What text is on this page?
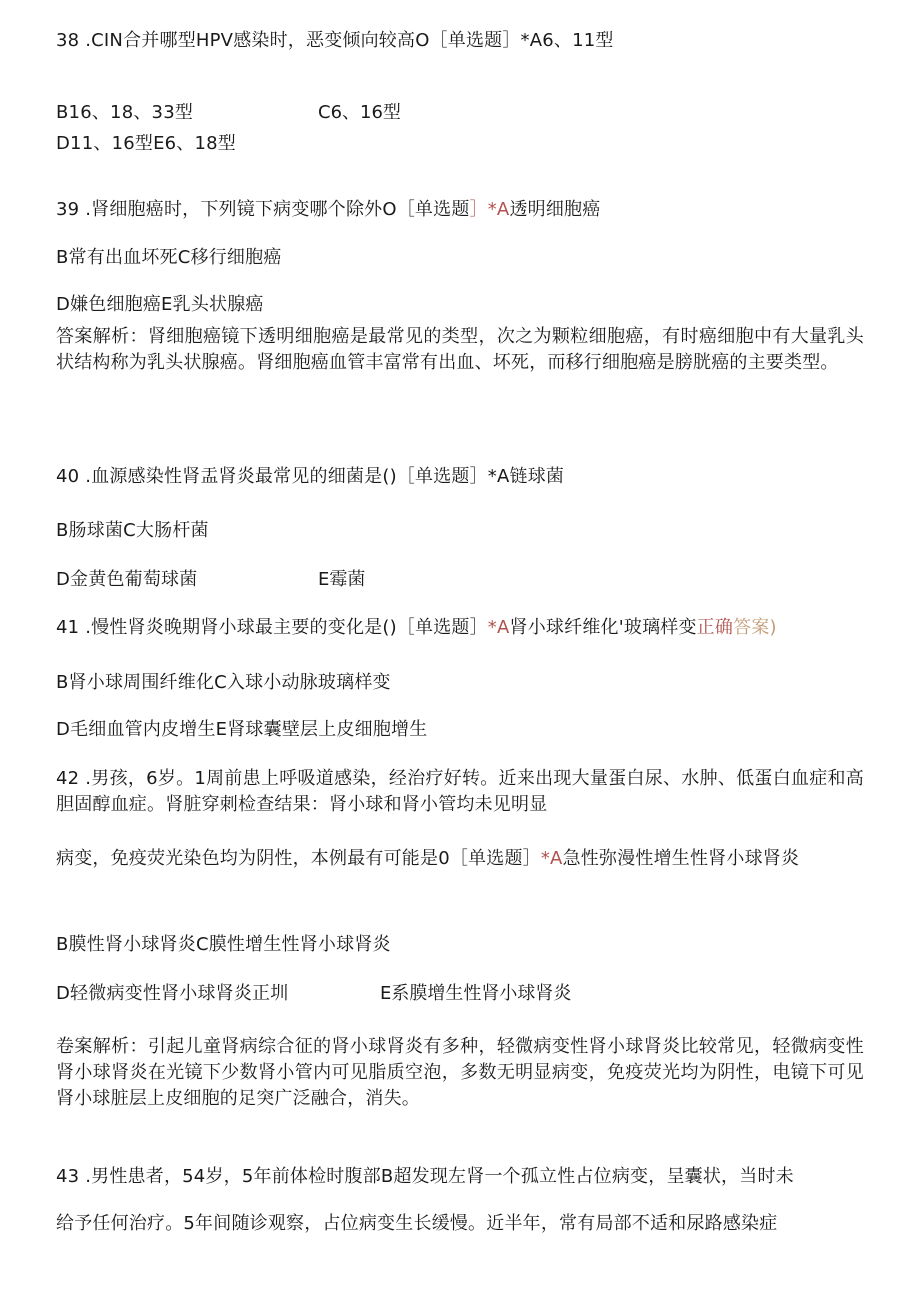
38 .CIN合并哪型HPV感染时，恶变倾向较高O［单选题］*A6、11型
B16、18、33型	C6、16型
D11、16型E6、18型
39 .肾细胞癌时，下列镜下病变哪个除外O［单选题］*A透明细胞癌
B常有出血坏死C移行细胞癌
D嫌色细胞癌E乳头状腺癌
答案解析：肾细胞癌镜下透明细胞癌是最常见的类型，次之为颗粒细胞癌，有时癌细胞中有大量乳头状结构称为乳头状腺癌。肾细胞癌血管丰富常有出血、坏死，而移行细胞癌是膀胱癌的主要类型。
40 .血源感染性肾盂肾炎最常见的细菌是()［单选题］*A链球菌
B肠球菌C大肠杆菌
D金黄色葡萄球菌	E霉菌
41 .慢性肾炎晚期肾小球最主要的变化是()［单选题］*A肾小球纤维化'玻璃样变正确答案)
B肾小球周围纤维化C入球小动脉玻璃样变
D毛细血管内皮增生E肾球囊壁层上皮细胞增生
42 .男孩，6岁。1周前患上呼吸道感染，经治疗好转。近来出现大量蛋白尿、水肿、低蛋白血症和高胆固醇血症。肾脏穿刺检查结果：肾小球和肾小管均未见明显
病变，免疫荧光染色均为阴性，本例最有可能是0［单选题］*A急性弥漫性增生性肾小球肾炎
B膜性肾小球肾炎C膜性增生性肾小球肾炎
D轻微病变性肾小球肾炎正圳	E系膜增生性肾小球肾炎
卷案解析：引起儿童肾病综合征的肾小球肾炎有多种，轻微病变性肾小球肾炎比较常见，轻微病变性肾小球肾炎在光镜下少数肾小管内可见脂质空泡，多数无明显病变，免疫荧光均为阴性，电镜下可见肾小球脏层上皮细胞的足突广泛融合，消失。
43 .男性患者，54岁，5年前体检时腹部B超发现左肾一个孤立性占位病变，呈囊状，当时未
给予任何治疗。5年间随诊观察，占位病变生长缓慢。近半年，常有局部不适和尿路感染症
